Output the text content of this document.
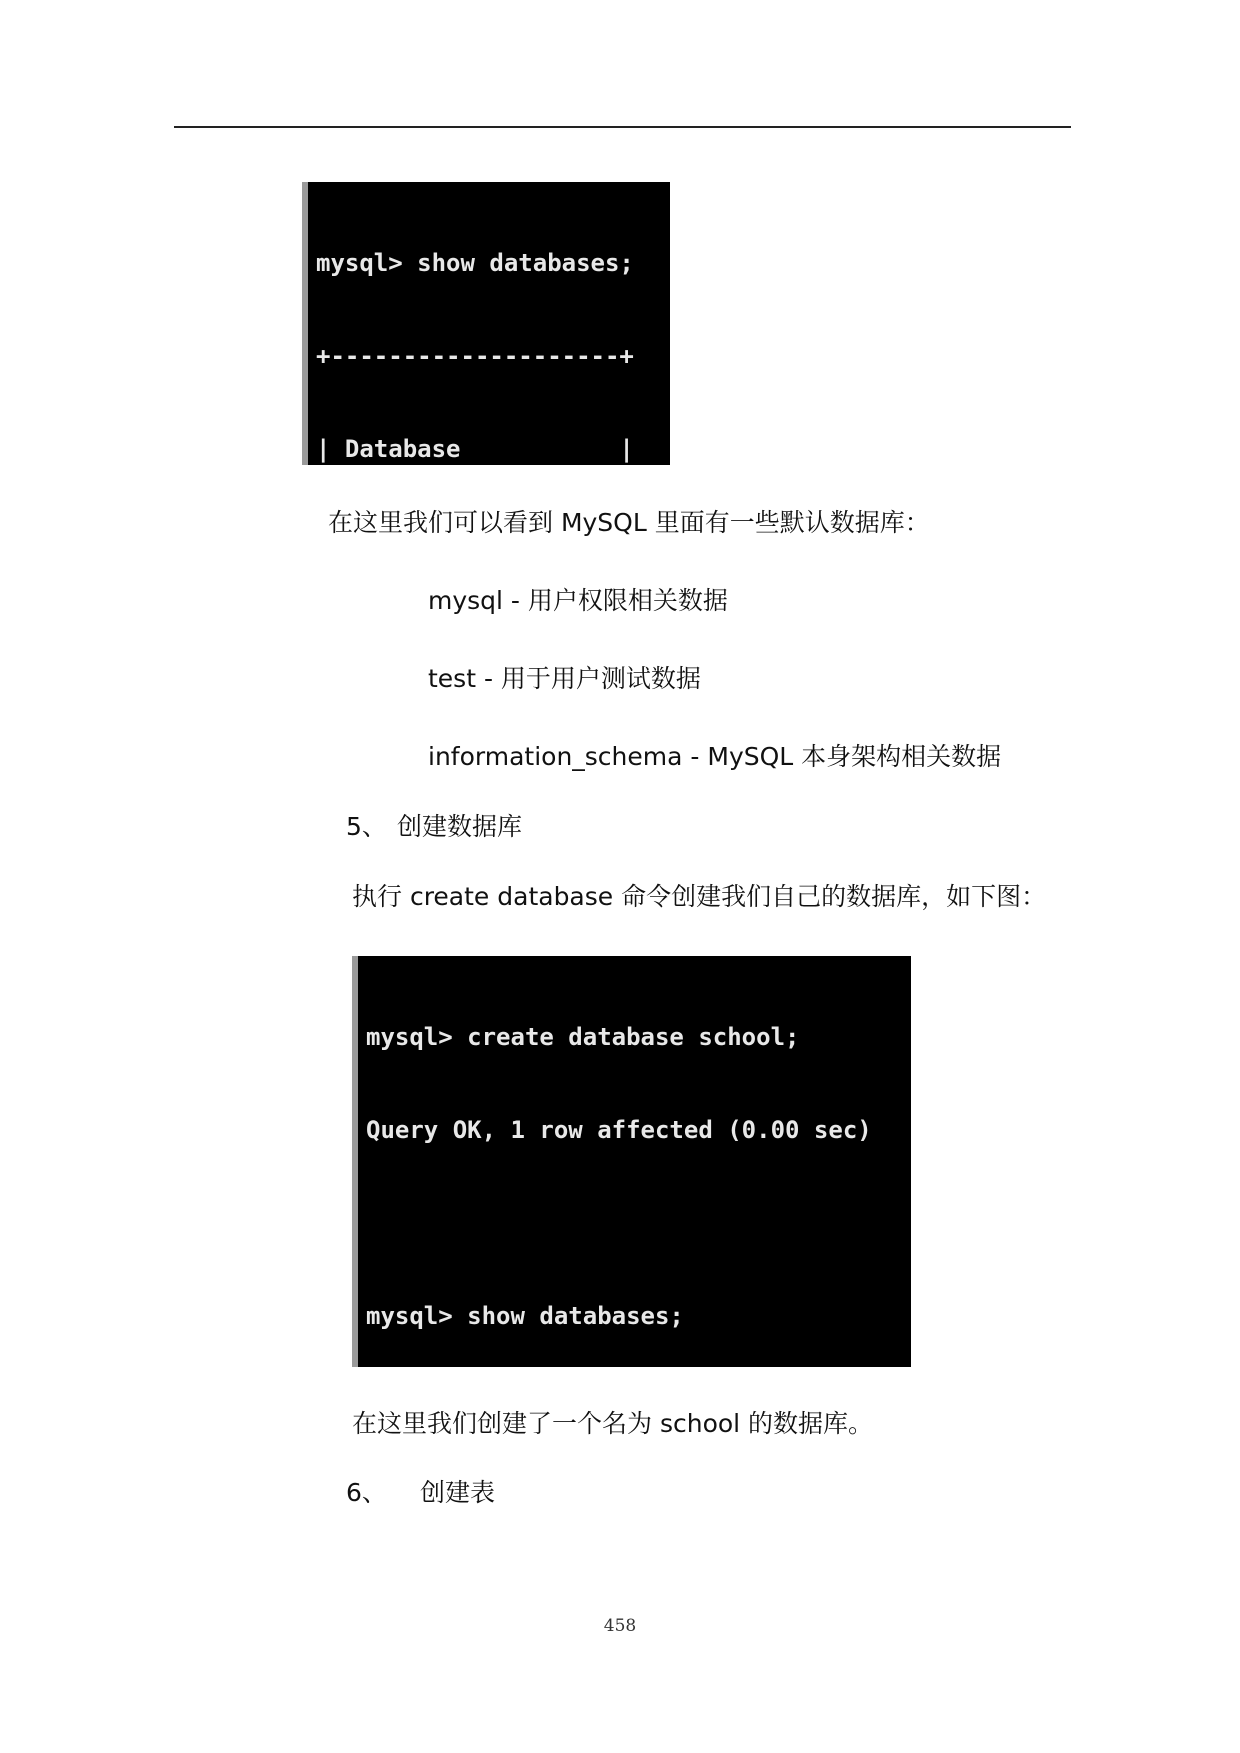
mysql> show databases;

+--------------------+

| Database           |

在这里我们可以看到 MySQL 里面有一些默认数据库：
mysql - 用户权限相关数据
test - 用于用户测试数据
information_schema - MySQL 本身架构相关数据
5、 创建数据库
执行 create database 命令创建我们自己的数据库，如下图：

mysql> create database school;

Query OK, 1 row affected (0.00 sec)

mysql> show databases;

在这里我们创建了一个名为 school 的数据库。
6、 创建表
458
